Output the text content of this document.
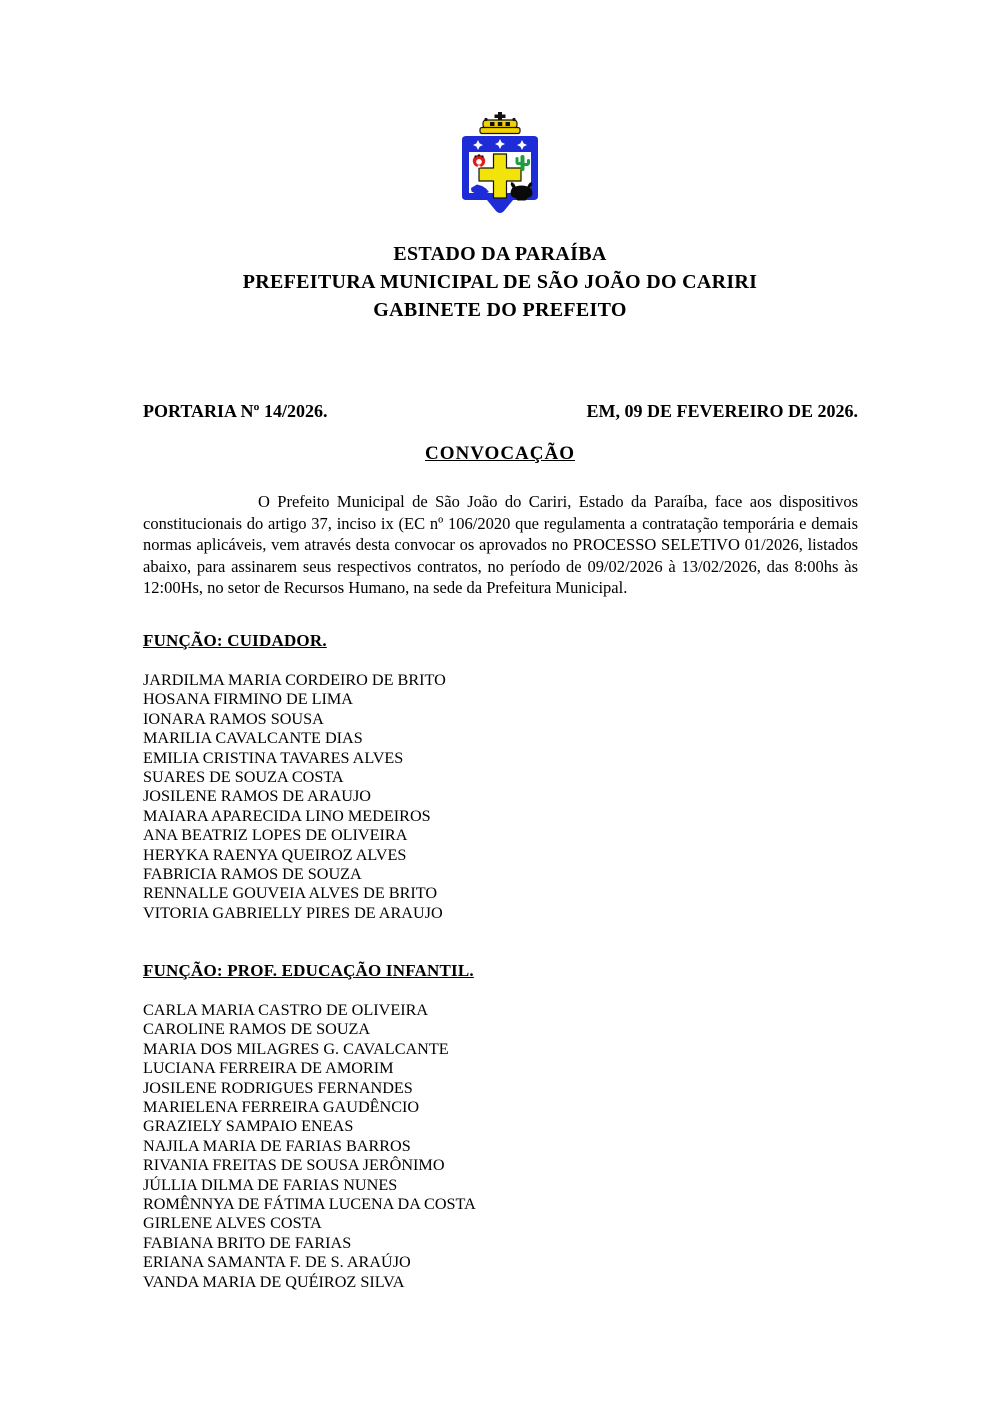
ESTADO DA PARAÍBA
PREFEITURA MUNICIPAL DE SÃO JOÃO DO CARIRI
GABINETE DO PREFEITO
PORTARIA Nº 14/2026.	EM, 09 DE FEVEREIRO DE 2026.
CONVOCAÇÃO

O Prefeito Municipal de São João do Cariri, Estado da Paraíba, face aos dispositivos constitucionais do artigo 37, inciso ix (EC nº 106/2020 que regulamenta a contratação temporária e demais normas aplicáveis, vem através desta convocar os aprovados no PROCESSO SELETIVO 01/2026, listados abaixo, para assinarem seus respectivos contratos, no período de 09/02/2026 à 13/02/2026, das 8:00hs às 12:00Hs, no setor de Recursos Humano, na sede da Prefeitura Municipal.

FUNÇÃO: CUIDADOR.
JARDILMA MARIA CORDEIRO DE BRITO
HOSANA FIRMINO DE LIMA
IONARA RAMOS SOUSA
MARILIA CAVALCANTE DIAS
EMILIA CRISTINA TAVARES ALVES
SUARES DE SOUZA COSTA
JOSILENE RAMOS DE ARAUJO
MAIARA APARECIDA LINO MEDEIROS
ANA BEATRIZ LOPES DE OLIVEIRA
HERYKA RAENYA QUEIROZ ALVES
FABRICIA RAMOS DE SOUZA
RENNALLE GOUVEIA ALVES DE BRITO
VITORIA GABRIELLY PIRES DE ARAUJO
FUNÇÃO: PROF. EDUCAÇÃO INFANTIL.
CARLA MARIA CASTRO DE OLIVEIRA
CAROLINE RAMOS DE SOUZA
MARIA DOS MILAGRES G. CAVALCANTE
LUCIANA FERREIRA DE AMORIM
JOSILENE RODRIGUES FERNANDES
MARIELENA FERREIRA GAUDÊNCIO
GRAZIELY SAMPAIO ENEAS
NAJILA MARIA DE FARIAS BARROS
RIVANIA FREITAS DE SOUSA JERÔNIMO
JÚLLIA DILMA DE FARIAS NUNES
ROMÊNNYA DE FÁTIMA LUCENA DA COSTA
GIRLENE ALVES COSTA
FABIANA BRITO DE FARIAS
ERIANA SAMANTA F. DE S. ARAÚJO
VANDA MARIA DE QUÉIROZ SILVA
